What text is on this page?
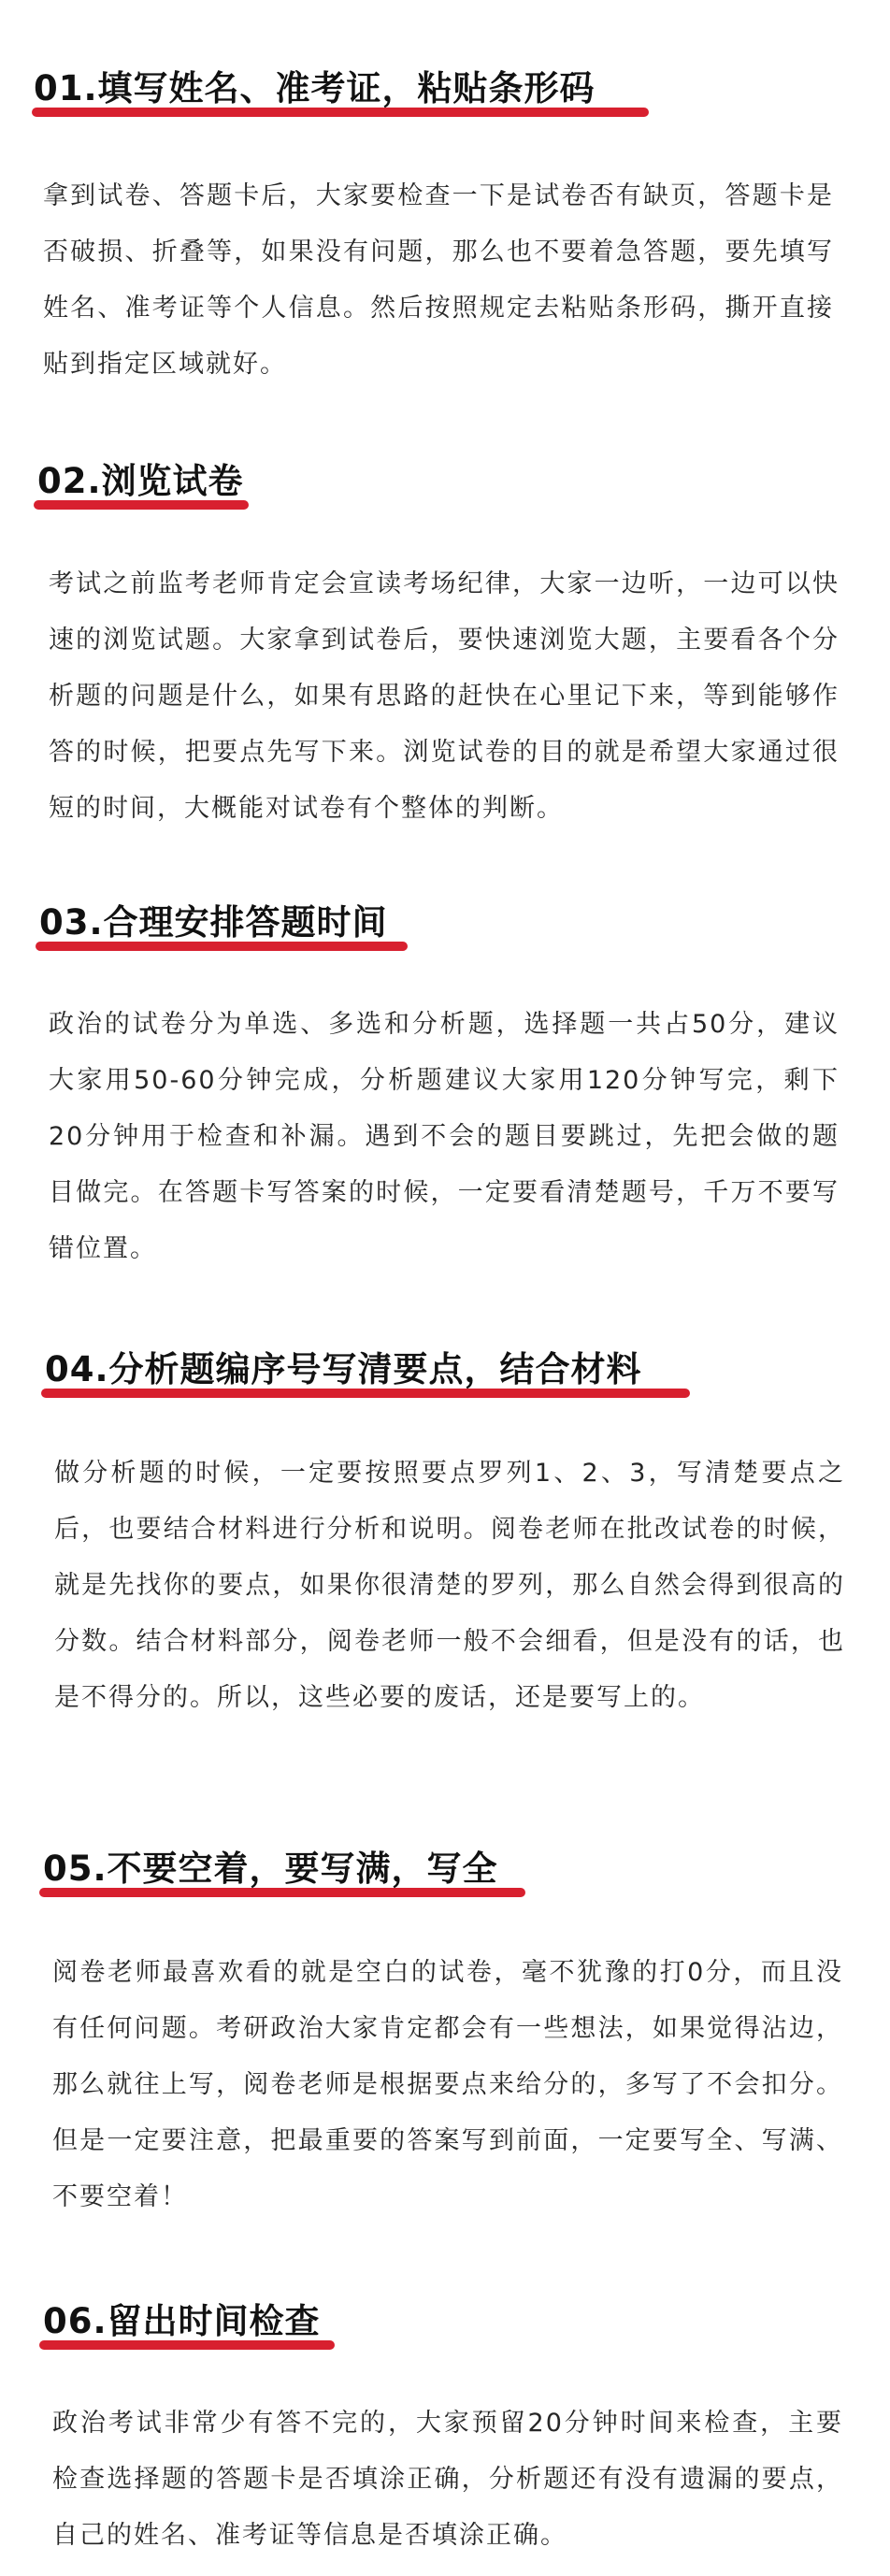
01.填写姓名、准考证，粘贴条形码
拿到试卷、答题卡后，大家要检查一下是试卷否有缺页，答题卡是否破损、折叠等，如果没有问题，那么也不要着急答题，要先填写姓名、准考证等个人信息。然后按照规定去粘贴条形码，撕开直接贴到指定区域就好。
02.浏览试卷
考试之前监考老师肯定会宣读考场纪律，大家一边听，一边可以快速的浏览试题。大家拿到试卷后，要快速浏览大题，主要看各个分析题的问题是什么，如果有思路的赶快在心里记下来，等到能够作答的时候，把要点先写下来。浏览试卷的目的就是希望大家通过很短的时间，大概能对试卷有个整体的判断。
03.合理安排答题时间
政治的试卷分为单选、多选和分析题，选择题一共占50分，建议大家用50-60分钟完成，分析题建议大家用120分钟写完，剩下20分钟用于检查和补漏。遇到不会的题目要跳过，先把会做的题目做完。在答题卡写答案的时候，一定要看清楚题号，千万不要写错位置。
04.分析题编序号写清要点，结合材料
做分析题的时候，一定要按照要点罗列1、2、3，写清楚要点之后，也要结合材料进行分析和说明。阅卷老师在批改试卷的时候，就是先找你的要点，如果你很清楚的罗列，那么自然会得到很高的分数。结合材料部分，阅卷老师一般不会细看，但是没有的话，也是不得分的。所以，这些必要的废话，还是要写上的。
05.不要空着，要写满，写全
阅卷老师最喜欢看的就是空白的试卷，毫不犹豫的打0分，而且没有任何问题。考研政治大家肯定都会有一些想法，如果觉得沾边，那么就往上写，阅卷老师是根据要点来给分的，多写了不会扣分。但是一定要注意，把最重要的答案写到前面，一定要写全、写满、不要空着！
06.留出时间检查
政治考试非常少有答不完的，大家预留20分钟时间来检查，主要检查选择题的答题卡是否填涂正确，分析题还有没有遗漏的要点，自己的姓名、准考证等信息是否填涂正确。
